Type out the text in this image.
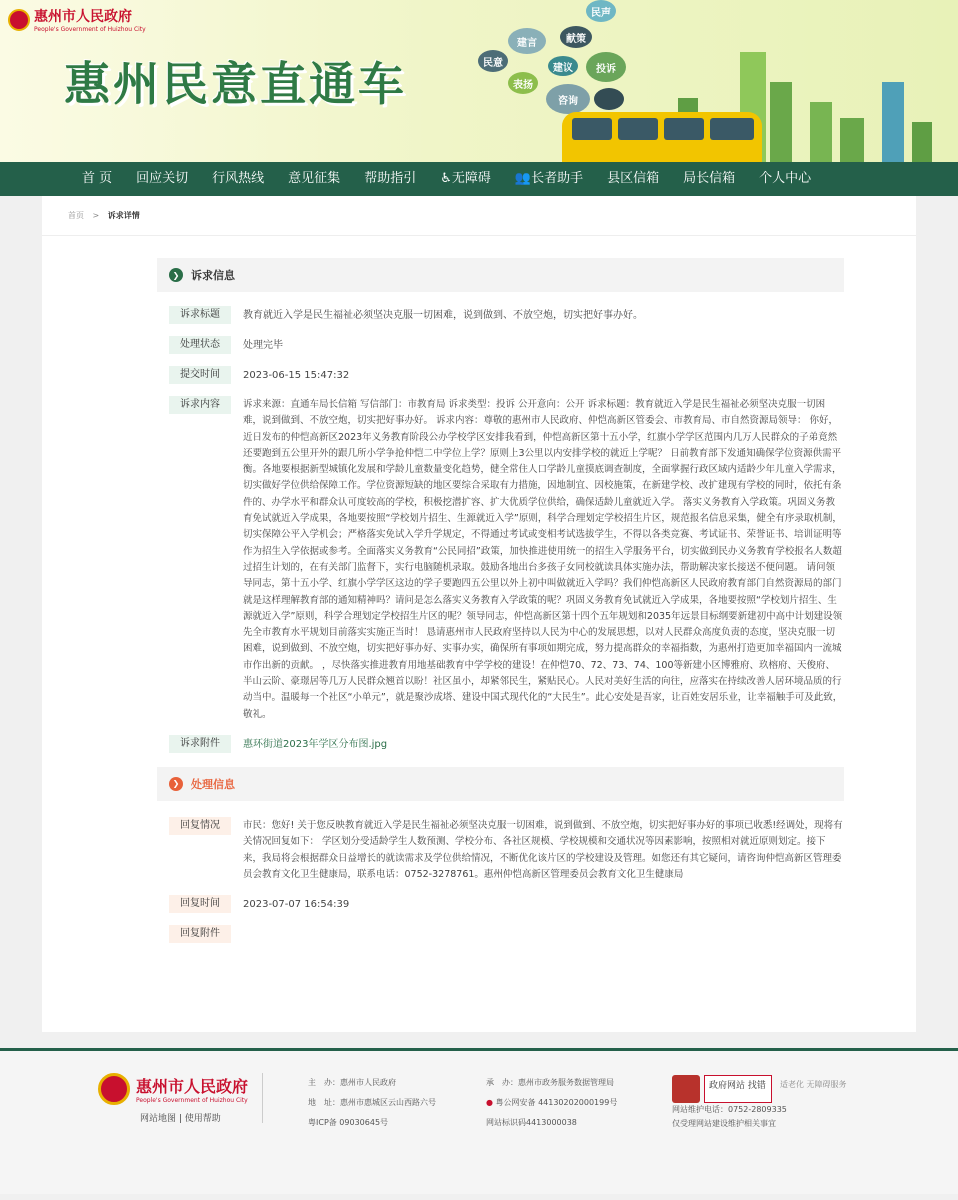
惠州市人民政府
People's Government of Huizhou City
惠州民意直通车
民声
建言	献策
民意	建议	投诉
表扬
咨询
首 页	回应关切	行风热线	意见征集	帮助指引	♿无障碍	👥长者助手	县区信箱	局长信箱	个人中心
首页 > 诉求详情
❯	诉求信息
诉求标题	教育就近入学是民生福祉必须坚决克服一切困难，说到做到、不放空炮，切实把好事办好。
处理状态	处理完毕
提交时间	2023-06-15 15:47:32
诉求内容	诉求来源：直通车局长信箱 写信部门：市教育局 诉求类型：投诉 公开意向：公开 诉求标题：教育就近入学是民生福祉必须坚决克服一切困难，说到做到、不放空炮，切实把好事办好。 诉求内容：尊敬的惠州市人民政府、仲恺高新区管委会、市教育局、市自然资源局领导： 你好，近日发布的仲恺高新区2023年义务教育阶段公办学校学区安排我看到，仲恺高新区第十五小学，红旗小学学区范围内几万人民群众的子弟竟然还要跑到五公里开外的跟几所小学争抢仲恺二中学位上学？原则上3公里以内安排学校的就近上学呢？ 日前教育部下发通知确保学位资源供需平衡。各地要根据新型城镇化发展和学龄儿童数量变化趋势，健全常住人口学龄儿童摸底调查制度，全面掌握行政区域内适龄少年儿童入学需求，切实做好学位供给保障工作。学位资源短缺的地区要综合采取有力措施，因地制宜、因校施策，在新建学校、改扩建现有学校的同时，依托有条件的、办学水平和群众认可度较高的学校，积极挖潜扩容、扩大优质学位供给，确保适龄儿童就近入学。 落实义务教育入学政策。巩固义务教育免试就近入学成果，各地要按照“学校划片招生、生源就近入学”原则，科学合理划定学校招生片区，规范报名信息采集，健全有序录取机制，切实保障公平入学机会；严格落实免试入学升学规定，不得通过考试或变相考试选拔学生，不得以各类竞赛、考试证书、荣誉证书、培训证明等作为招生入学依据或参考。全面落实义务教育“公民同招”政策，加快推进使用统一的招生入学服务平台，切实做到民办义务教育学校报名人数超过招生计划的，在有关部门监督下，实行电脑随机录取。鼓励各地出台多孩子女同校就读具体实施办法，帮助解决家长接送不便问题。 请问领导同志，第十五小学、红旗小学学区这边的学子要跑四五公里以外上初中叫做就近入学吗？我们仲恺高新区人民政府教育部门自然资源局的部门就是这样理解教育部的通知精神吗？请问是怎么落实义务教育入学政策的呢？巩固义务教育免试就近入学成果，各地要按照“学校划片招生、生源就近入学”原则，科学合理划定学校招生片区的呢？领导同志，仲恺高新区第十四个五年规划和2035年远景目标纲要新建初中高中计划建设领先全市教育水平规划目前落实实施正当时！ 恳请惠州市人民政府坚持以人民为中心的发展思想，以对人民群众高度负责的态度，坚决克服一切困难，说到做到、不放空炮，切实把好事办好、实事办实，确保所有事项如期完成，努力提高群众的幸福指数，为惠州打造更加幸福国内一流城市作出新的贡献。 ，尽快落实推进教育用地基础教育中学学校的建设！在仲恺70、72、73、74、100等新建小区博雅府、玖榕府、天俊府、半山云阶、豪璟居等几万人民群众翘首以盼！社区虽小，却紧邻民生，紧贴民心。人民对美好生活的向往，应落实在持续改善人居环境品质的行动当中。温暖每一个社区“小单元”，就是聚沙成塔、建设中国式现代化的“大民生”。此心安处是吾家，让百姓安居乐业，让幸福触手可及此致，敬礼。
诉求附件	惠环街道2023年学区分布图.jpg
❯	处理信息
回复情况	市民：您好! 关于您反映教育就近入学是民生福祉必须坚决克服一切困难，说到做到、不放空炮，切实把好事办好的事项已收悉!经调处，现将有关情况回复如下： 学区划分受适龄学生人数预测、学校分布、各社区规模、学校规模和交通状况等因素影响，按照相对就近原则划定。接下来，我局将会根据群众日益增长的就读需求及学位供给情况，不断优化该片区的学校建设及管理。如您还有其它疑问，请咨询仲恺高新区管理委员会教育文化卫生健康局，联系电话：0752-3278761。惠州仲恺高新区管理委员会教育文化卫生健康局
回复时间	2023-07-07 16:54:39
回复附件
惠州市人民政府
People's Government of Huizhou City
网站地图 | 使用帮助
主　办：惠州市人民政府
地　址：惠州市惠城区云山西路六号
粤ICP备 09030645号
承　办：惠州市政务服务数据管理局
● 粤公网安备 44130202000199号
网站标识码4413000038
政府网站 找错	适老化 无障碍服务
网站维护电话：0752-2809335
仅受理网站建设维护相关事宜
